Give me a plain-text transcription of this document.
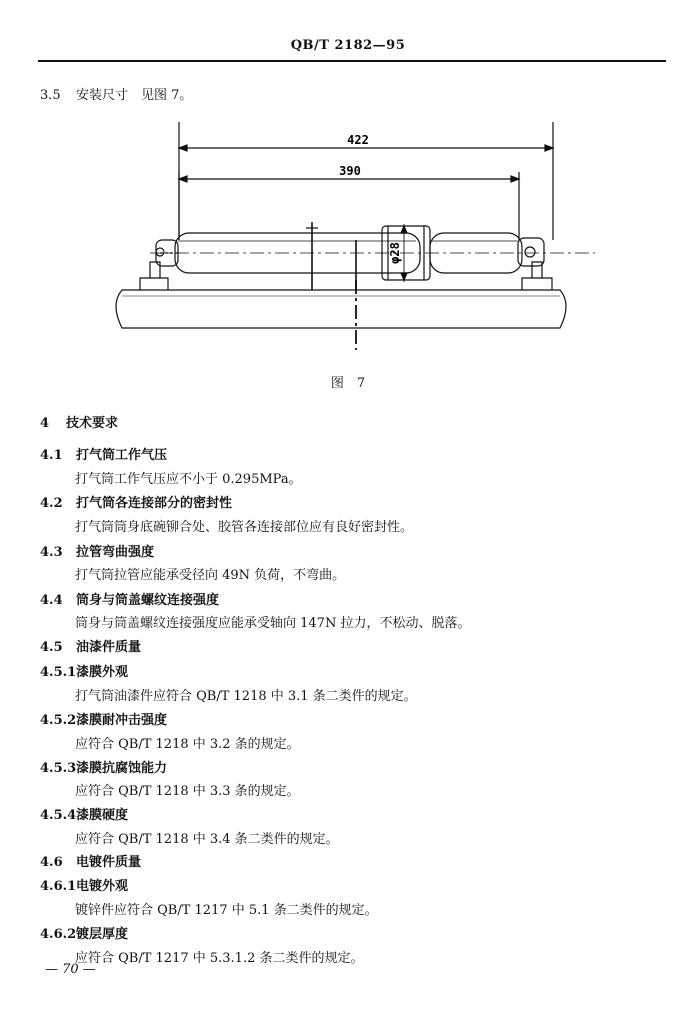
QB/T 2182—95
3.5 安装尺寸　见图 7。
422
390
φ28
图　7
4 技术要求
4.1 打气筒工作气压
打气筒工作气压应不小于 0.295MPa。
4.2 打气筒各连接部分的密封性
打气筒筒身底碗铆合处、胶管各连接部位应有良好密封性。
4.3 拉管弯曲强度
打气筒拉管应能承受径向 49N 负荷，不弯曲。
4.4 筒身与筒盖螺纹连接强度
筒身与筒盖螺纹连接强度应能承受轴向 147N 拉力，不松动、脱落。
4.5 油漆件质量
4.5.1漆膜外观
打气筒油漆件应符合 QB/T 1218 中 3.1 条二类件的规定。
4.5.2漆膜耐冲击强度
应符合 QB/T 1218 中 3.2 条的规定。
4.5.3漆膜抗腐蚀能力
应符合 QB/T 1218 中 3.3 条的规定。
4.5.4漆膜硬度
应符合 QB/T 1218 中 3.4 条二类件的规定。
4.6 电镀件质量
4.6.1电镀外观
镀锌件应符合 QB/T 1217 中 5.1 条二类件的规定。
4.6.2镀层厚度
应符合 QB/T 1217 中 5.3.1.2 条二类件的规定。
— 70 —
